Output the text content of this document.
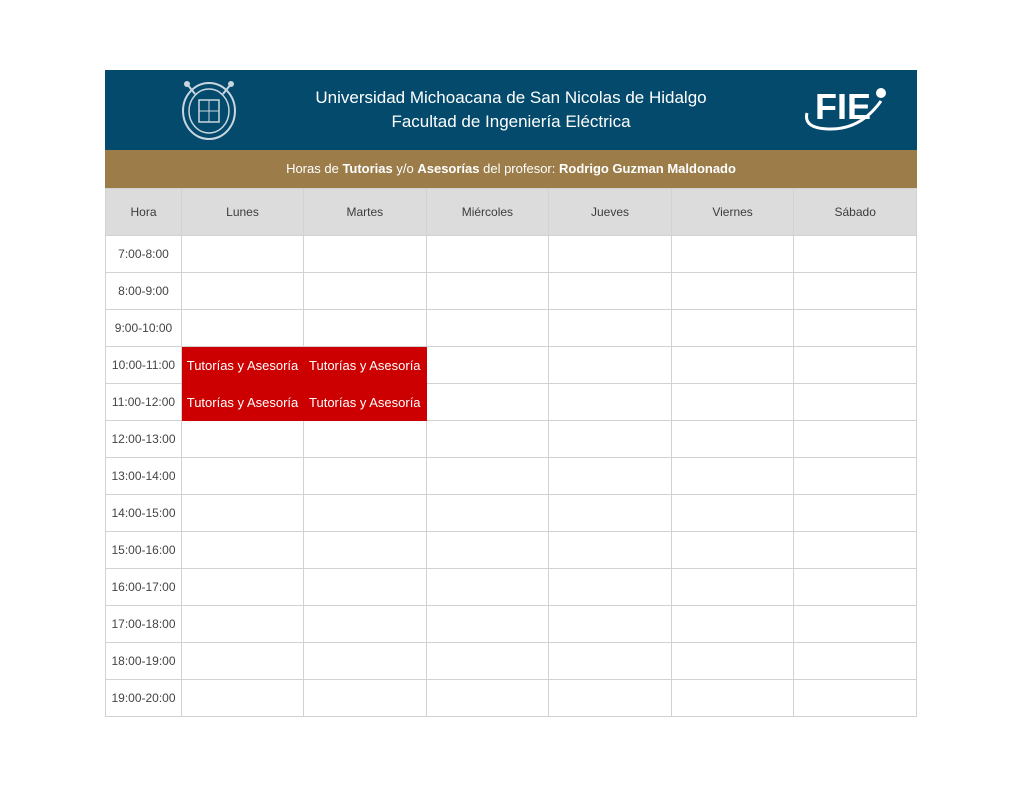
Universidad Michoacana de San Nicolas de Hidalgo
Facultad de Ingeniería Eléctrica	FIE
Horas de Tutorias y/o Asesorías del profesor: Rodrigo Guzman Maldonado
Hora	Lunes	Martes	Miércoles	Jueves	Viernes	Sábado
7:00-8:00						
8:00-9:00						
9:00-10:00						
10:00-11:00	Tutorías y Asesoría	Tutorías y Asesoría				
11:00-12:00	Tutorías y Asesoría	Tutorías y Asesoría				
12:00-13:00						
13:00-14:00						
14:00-15:00						
15:00-16:00						
16:00-17:00						
17:00-18:00						
18:00-19:00						
19:00-20:00						
